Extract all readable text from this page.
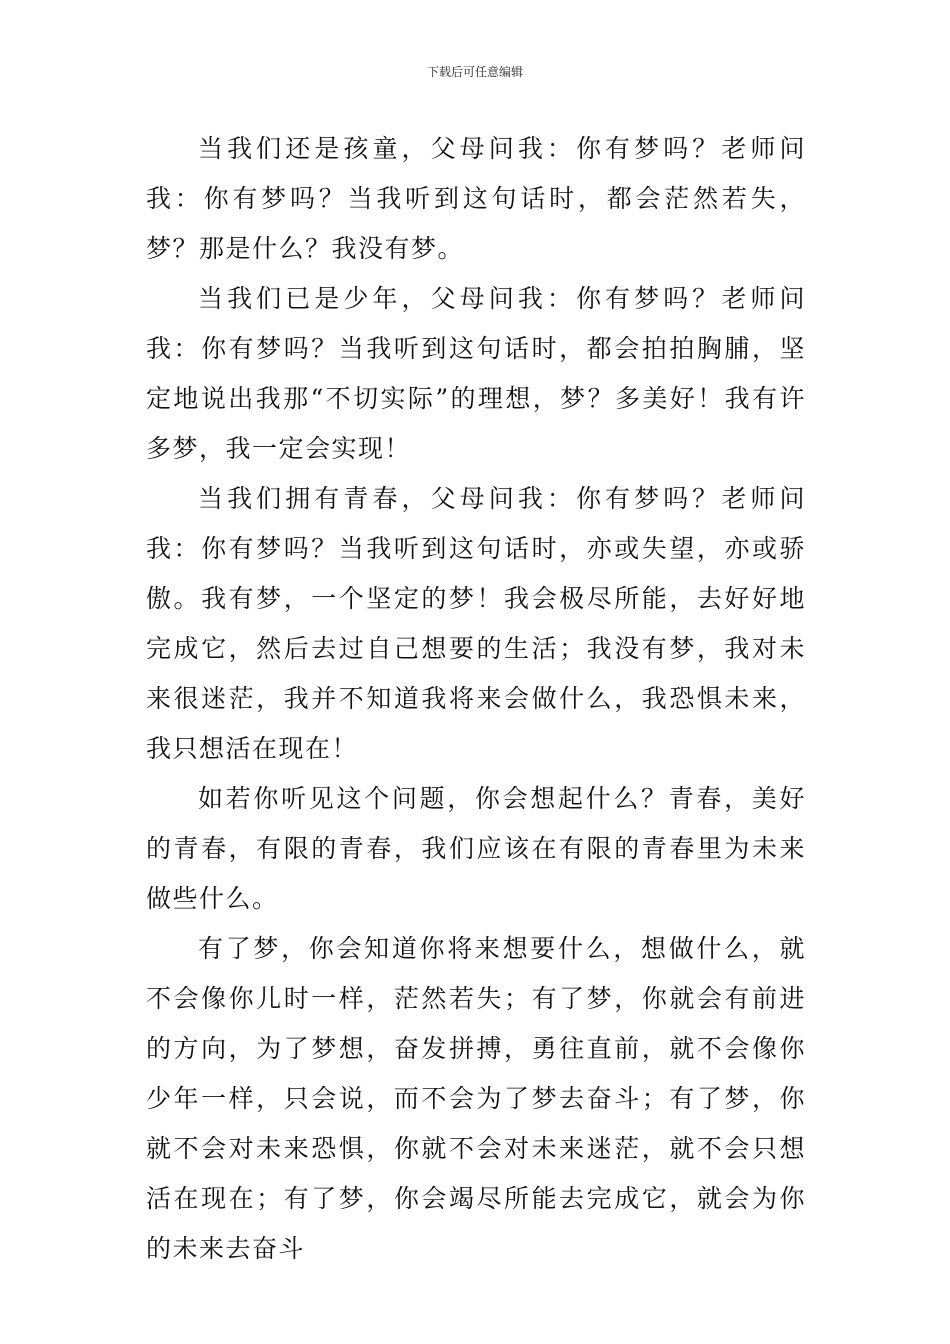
下载后可任意编辑

当我们还是孩童，父母问我：你有梦吗？老师问我：你有梦吗？当我听到这句话时，都会茫然若失，梦？那是什么？我没有梦。

当我们已是少年，父母问我：你有梦吗？老师问我：你有梦吗？当我听到这句话时，都会拍拍胸脯，坚定地说出我那“不切实际”的理想，梦？多美好！我有许多梦，我一定会实现！

当我们拥有青春，父母问我：你有梦吗？老师问我：你有梦吗？当我听到这句话时，亦或失望，亦或骄傲。我有梦，一个坚定的梦！我会极尽所能，去好好地完成它，然后去过自己想要的生活；我没有梦，我对未来很迷茫，我并不知道我将来会做什么，我恐惧未来，我只想活在现在！

如若你听见这个问题，你会想起什么？青春，美好的青春，有限的青春，我们应该在有限的青春里为未来做些什么。

有了梦，你会知道你将来想要什么，想做什么，就不会像你儿时一样，茫然若失；有了梦，你就会有前进的方向，为了梦想，奋发拼搏，勇往直前，就不会像你少年一样，只会说，而不会为了梦去奋斗；有了梦，你就不会对未来恐惧，你就不会对未来迷茫，就不会只想活在现在；有了梦，你会竭尽所能去完成它，就会为你的未来去奋斗
